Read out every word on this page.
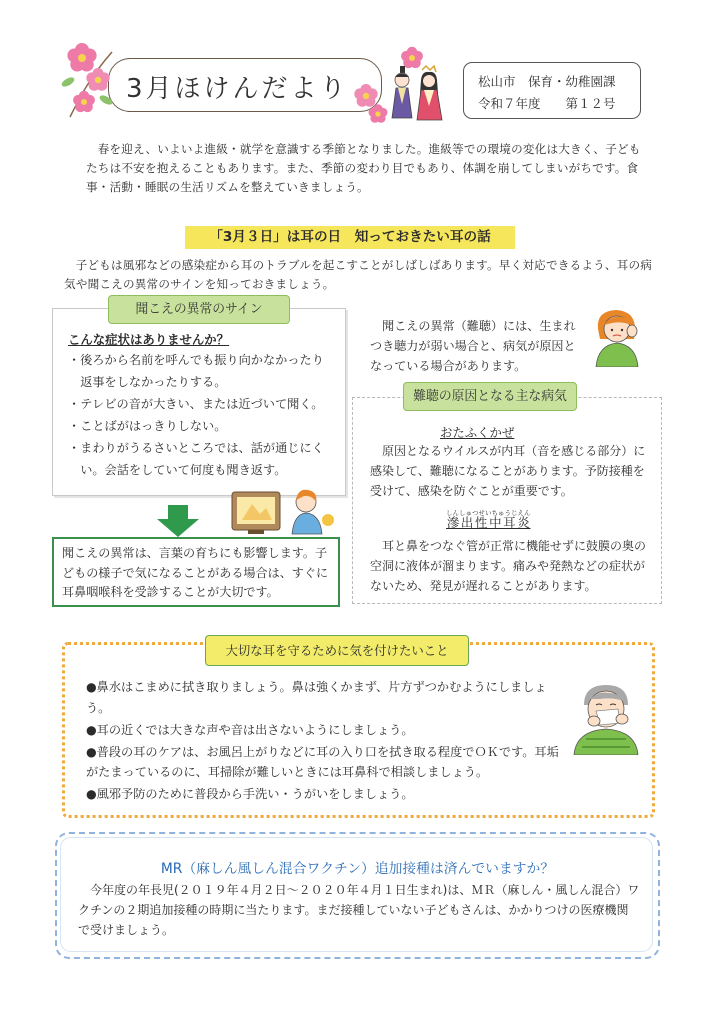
3月ほけんだより	松山市　保育・幼稚園課
令和７年度　　第１２号
春を迎え、いよいよ進級・就学を意識する季節となりました。進級等での環境の変化は大きく、子どもたちは不安を抱えることもあります。また、季節の変わり目でもあり、体調を崩してしまいがちです。食事・活動・睡眠の生活リズムを整えていきましょう。
「3月３日」は耳の日　知っておきたい耳の話
子どもは風邪などの感染症から耳のトラブルを起こすことがしばしばあります。早く対応できるよう、耳の病気や聞こえの異常のサインを知っておきましょう。
聞こえの異常のサイン
こんな症状はありませんか？
・後ろから名前を呼んでも振り向かなかったり返事をしなかったりする。
・テレビの音が大きい、または近づいて聞く。
・ことばがはっきりしない。
・まわりがうるさいところでは、話が通じにくい。会話をしていて何度も聞き返す。
聞こえの異常は、言葉の育ちにも影響します。子どもの様子で気になることがある場合は、すぐに耳鼻咽喉科を受診することが大切です。
聞こえの異常（難聴）には、生まれつき聴力が弱い場合と、病気が原因となっている場合があります。
難聴の原因となる主な病気
おたふくかぜ
原因となるウイルスが内耳（音を感じる部分）に感染して、難聴になることがあります。予防接種を受けて、感染を防ぐことが重要です。
滲出性中耳炎しんしゅつせいちゅうじえん
耳と鼻をつなぐ管が正常に機能せずに鼓膜の奥の空洞に液体が溜まります。痛みや発熱などの症状がないため、発見が遅れることがあります。
大切な耳を守るために気を付けたいこと
●鼻水はこまめに拭き取りましょう。鼻は強くかまず、片方ずつかむようにしましょう。
●耳の近くでは大きな声や音は出さないようにしましょう。
●普段の耳のケアは、お風呂上がりなどに耳の入り口を拭き取る程度でＯＫです。耳垢がたまっているのに、耳掃除が難しいときには耳鼻科で相談しましょう。
●風邪予防のために普段から手洗い・うがいをしましょう。
MR（麻しん風しん混合ワクチン）追加接種は済んでいますか？
今年度の年長児(２０１９年４月２日～２０２０年４月１日生まれ)は、ＭＲ（麻しん・風しん混合）ワクチンの２期追加接種の時期に当たります。まだ接種していない子どもさんは、かかりつけの医療機関で受けましょう。
